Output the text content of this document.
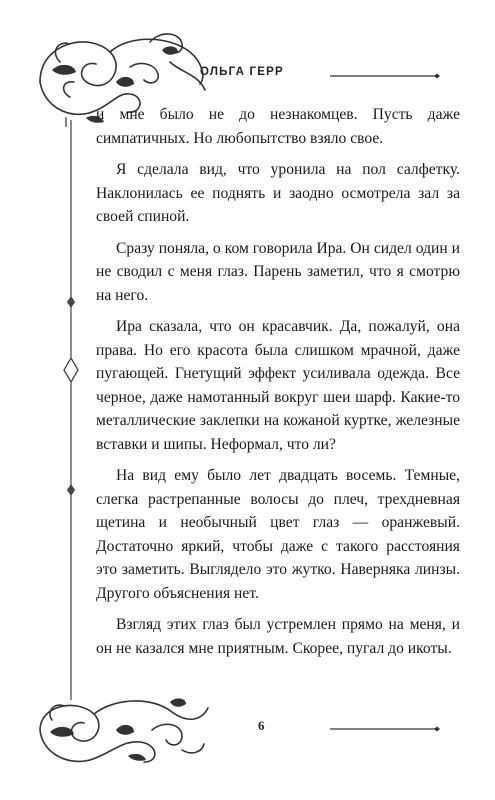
ОЛЬГА ГЕРР

и мне было не до незнакомцев. Пусть даже симпатичных. Но любопытство взяло свое.

Я сделала вид, что уронила на пол салфетку. Наклонилась ее поднять и заодно осмотрела зал за своей спиной.

Сразу поняла, о ком говорила Ира. Он сидел один и не сводил с меня глаз. Парень заметил, что я смотрю на него.

Ира сказала, что он красавчик. Да, пожалуй, она права. Но его красота была слишком мрачной, даже пугающей. Гнетущий эффект усиливала одежда. Все черное, даже намотанный вокруг шеи шарф. Какие-то металлические заклепки на кожаной куртке, железные вставки и шипы. Неформал, что ли?

На вид ему было лет двадцать восемь. Темные, слегка растрепанные волосы до плеч, трехдневная щетина и необычный цвет глаз — оранжевый. Достаточно яркий, чтобы даже с такого расстояния это заметить. Выглядело это жутко. Наверняка линзы. Другого объяснения нет.

Взгляд этих глаз был устремлен прямо на меня, и он не казался мне приятным. Скорее, пугал до икоты.

6
